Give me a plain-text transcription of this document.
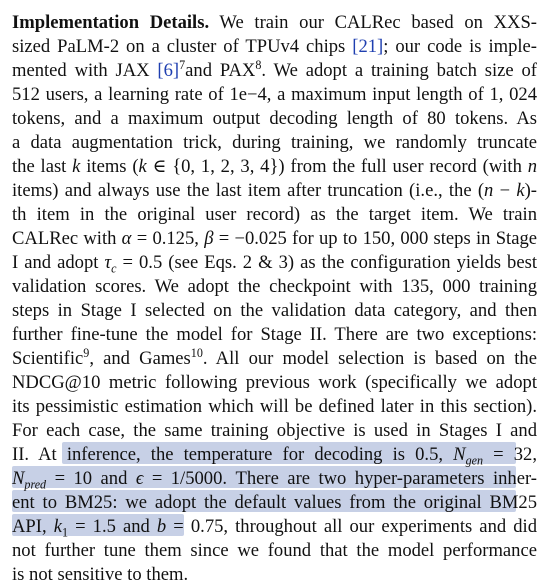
Implementation Details. We train our CALRec based on XXS-
sized PaLM-2 on a cluster of TPUv4 chips [21]; our code is imple-
mented with JAX $[6]^7and$ PAX$^8$. We adopt a training batch size of
512 users, a learning rate of 1e−4, a maximum input length of 1, 024
tokens, and a maximum output decoding length of 80 tokens. As
a data augmentation trick, during training, we randomly truncate
the last k items (k ∈ {0, 1, 2, 3, 4}) from the full user record (with n
items) and always use the last item after truncation (i.e., the (n − k)-
th item in the original user record) as the target item. We train
CALRec with α = 0.125, β = −0.025 for up to 150, 000 steps in Stage
I and adopt $\tau_c = 0.5$ (see Eqs. 2 & 3) as the configuration yields best
validation scores. We adopt the checkpoint with 135, 000 training
steps in Stage I selected on the validation data category, and then
further fine-tune the model for Stage II. There are two exceptions:
Scientific$^9$, and Games$^{10}$. All our model selection is based on the
NDCG@10 metric following previous work (specifically we adopt
its pessimistic estimation which will be defined later in this section).
For each case, the same training objective is used in Stages I and
II. At inference, the temperature for decoding is 0.5, $N_{gen} = 32$,
$N_{pred} = 10$ and ϵ = 1/5000. There are two hyper-parameters inher-
ent to BM25: we adopt the default values from the original BM25
API, $k_1 = 1.5$ and b = 0.75, throughout all our experiments and did
not further tune them since we found that the model performance
is not sensitive to them.
